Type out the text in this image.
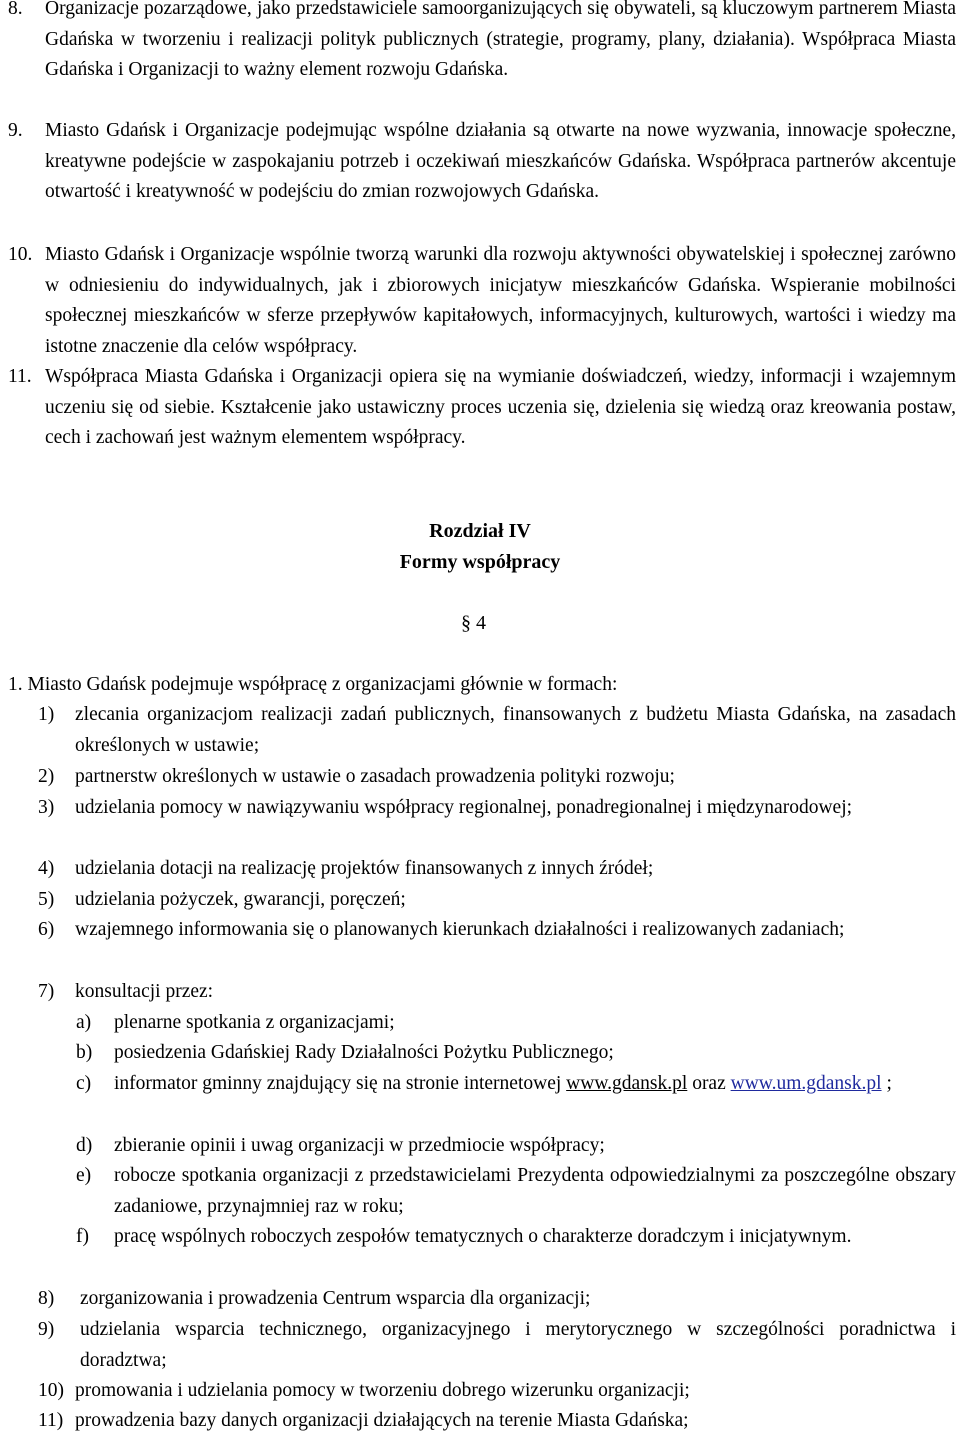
8. Organizacje pozarządowe, jako przedstawiciele samoorganizujących się obywateli, są kluczowym partnerem Miasta Gdańska w tworzeniu i realizacji polityk publicznych (strategie, programy, plany, działania). Współpraca Miasta Gdańska i Organizacji to ważny element rozwoju Gdańska.
9. Miasto Gdańsk i Organizacje podejmując wspólne działania są otwarte na nowe wyzwania, innowacje społeczne, kreatywne podejście w zaspokajaniu potrzeb i oczekiwań mieszkańców Gdańska. Współpraca partnerów akcentuje otwartość i kreatywność w podejściu do zmian rozwojowych Gdańska.
10. Miasto Gdańsk i Organizacje wspólnie tworzą warunki dla rozwoju aktywności obywatelskiej i społecznej zarówno w odniesieniu do indywidualnych, jak i zbiorowych inicjatyw mieszkańców Gdańska. Wspieranie mobilności społecznej mieszkańców w sferze przepływów kapitałowych, informacyjnych, kulturowych, wartości i wiedzy ma istotne znaczenie dla celów współpracy.
11. Współpraca Miasta Gdańska i Organizacji opiera się na wymianie doświadczeń, wiedzy, informacji i wzajemnym uczeniu się od siebie. Kształcenie jako ustawiczny proces uczenia się, dzielenia się wiedzą oraz kreowania postaw, cech i zachowań jest ważnym elementem współpracy.
Rozdział IV
Formy współpracy
§ 4
1. Miasto Gdańsk podejmuje współpracę z organizacjami głównie w formach:
1) zlecania organizacjom realizacji zadań publicznych, finansowanych z budżetu Miasta Gdańska, na zasadach określonych w ustawie;
2) partnerstw określonych w ustawie o zasadach prowadzenia polityki rozwoju;
3) udzielania pomocy w nawiązywaniu współpracy regionalnej, ponadregionalnej i międzynarodowej;
4) udzielania dotacji na realizację projektów finansowanych z innych źródeł;
5) udzielania pożyczek, gwarancji, poręczeń;
6) wzajemnego informowania się o planowanych kierunkach działalności i realizowanych zadaniach;
7) konsultacji przez:
a) plenarne spotkania z organizacjami;
b) posiedzenia Gdańskiej Rady Działalności Pożytku Publicznego;
c) informator gminny znajdujący się na stronie internetowej www.gdansk.pl oraz www.um.gdansk.pl ;
d) zbieranie opinii i uwag organizacji w przedmiocie współpracy;
e) robocze spotkania organizacji z przedstawicielami Prezydenta odpowiedzialnymi za poszczególne obszary zadaniowe, przynajmniej raz w roku;
f) pracę wspólnych roboczych zespołów tematycznych o charakterze doradczym i inicjatywnym.
8) zorganizowania i prowadzenia Centrum wsparcia dla organizacji;
9) udzielania wsparcia technicznego, organizacyjnego i merytorycznego w szczególności poradnictwa i doradztwa;
10) promowania i udzielania pomocy w tworzeniu dobrego wizerunku organizacji;
11) prowadzenia bazy danych organizacji działających na terenie Miasta Gdańska;
